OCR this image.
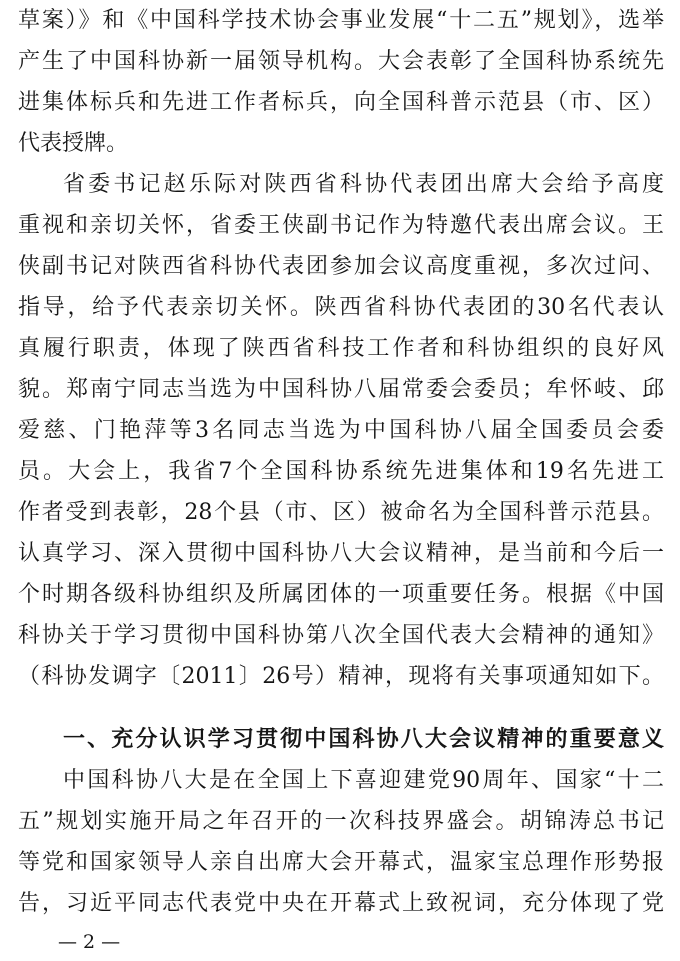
草案）》和《中国科学技术协会事业发展“十二五”规划》，选举
产生了中国科协新一届领导机构。大会表彰了全国科协系统先
进集体标兵和先进工作者标兵，向全国科普示范县（市、区）
代表授牌。
省委书记赵乐际对陕西省科协代表团出席大会给予高度
重视和亲切关怀，省委王侠副书记作为特邀代表出席会议。王
侠副书记对陕西省科协代表团参加会议高度重视，多次过问、
指导，给予代表亲切关怀。陕西省科协代表团的30名代表认
真履行职责，体现了陕西省科技工作者和科协组织的良好风
貌。郑南宁同志当选为中国科协八届常委会委员；牟怀岐、邱
爱慈、门艳萍等3名同志当选为中国科协八届全国委员会委
员。大会上，我省7个全国科协系统先进集体和19名先进工
作者受到表彰，28个县（市、区）被命名为全国科普示范县。
认真学习、深入贯彻中国科协八大会议精神，是当前和今后一
个时期各级科协组织及所属团体的一项重要任务。根据《中国
科协关于学习贯彻中国科协第八次全国代表大会精神的通知》
（科协发调字〔2011〕26号）精神，现将有关事项通知如下。
一、充分认识学习贯彻中国科协八大会议精神的重要意义
中国科协八大是在全国上下喜迎建党90周年、国家“十二
五”规划实施开局之年召开的一次科技界盛会。胡锦涛总书记
等党和国家领导人亲自出席大会开幕式，温家宝总理作形势报
告，习近平同志代表党中央在开幕式上致祝词，充分体现了党
— 2 —
